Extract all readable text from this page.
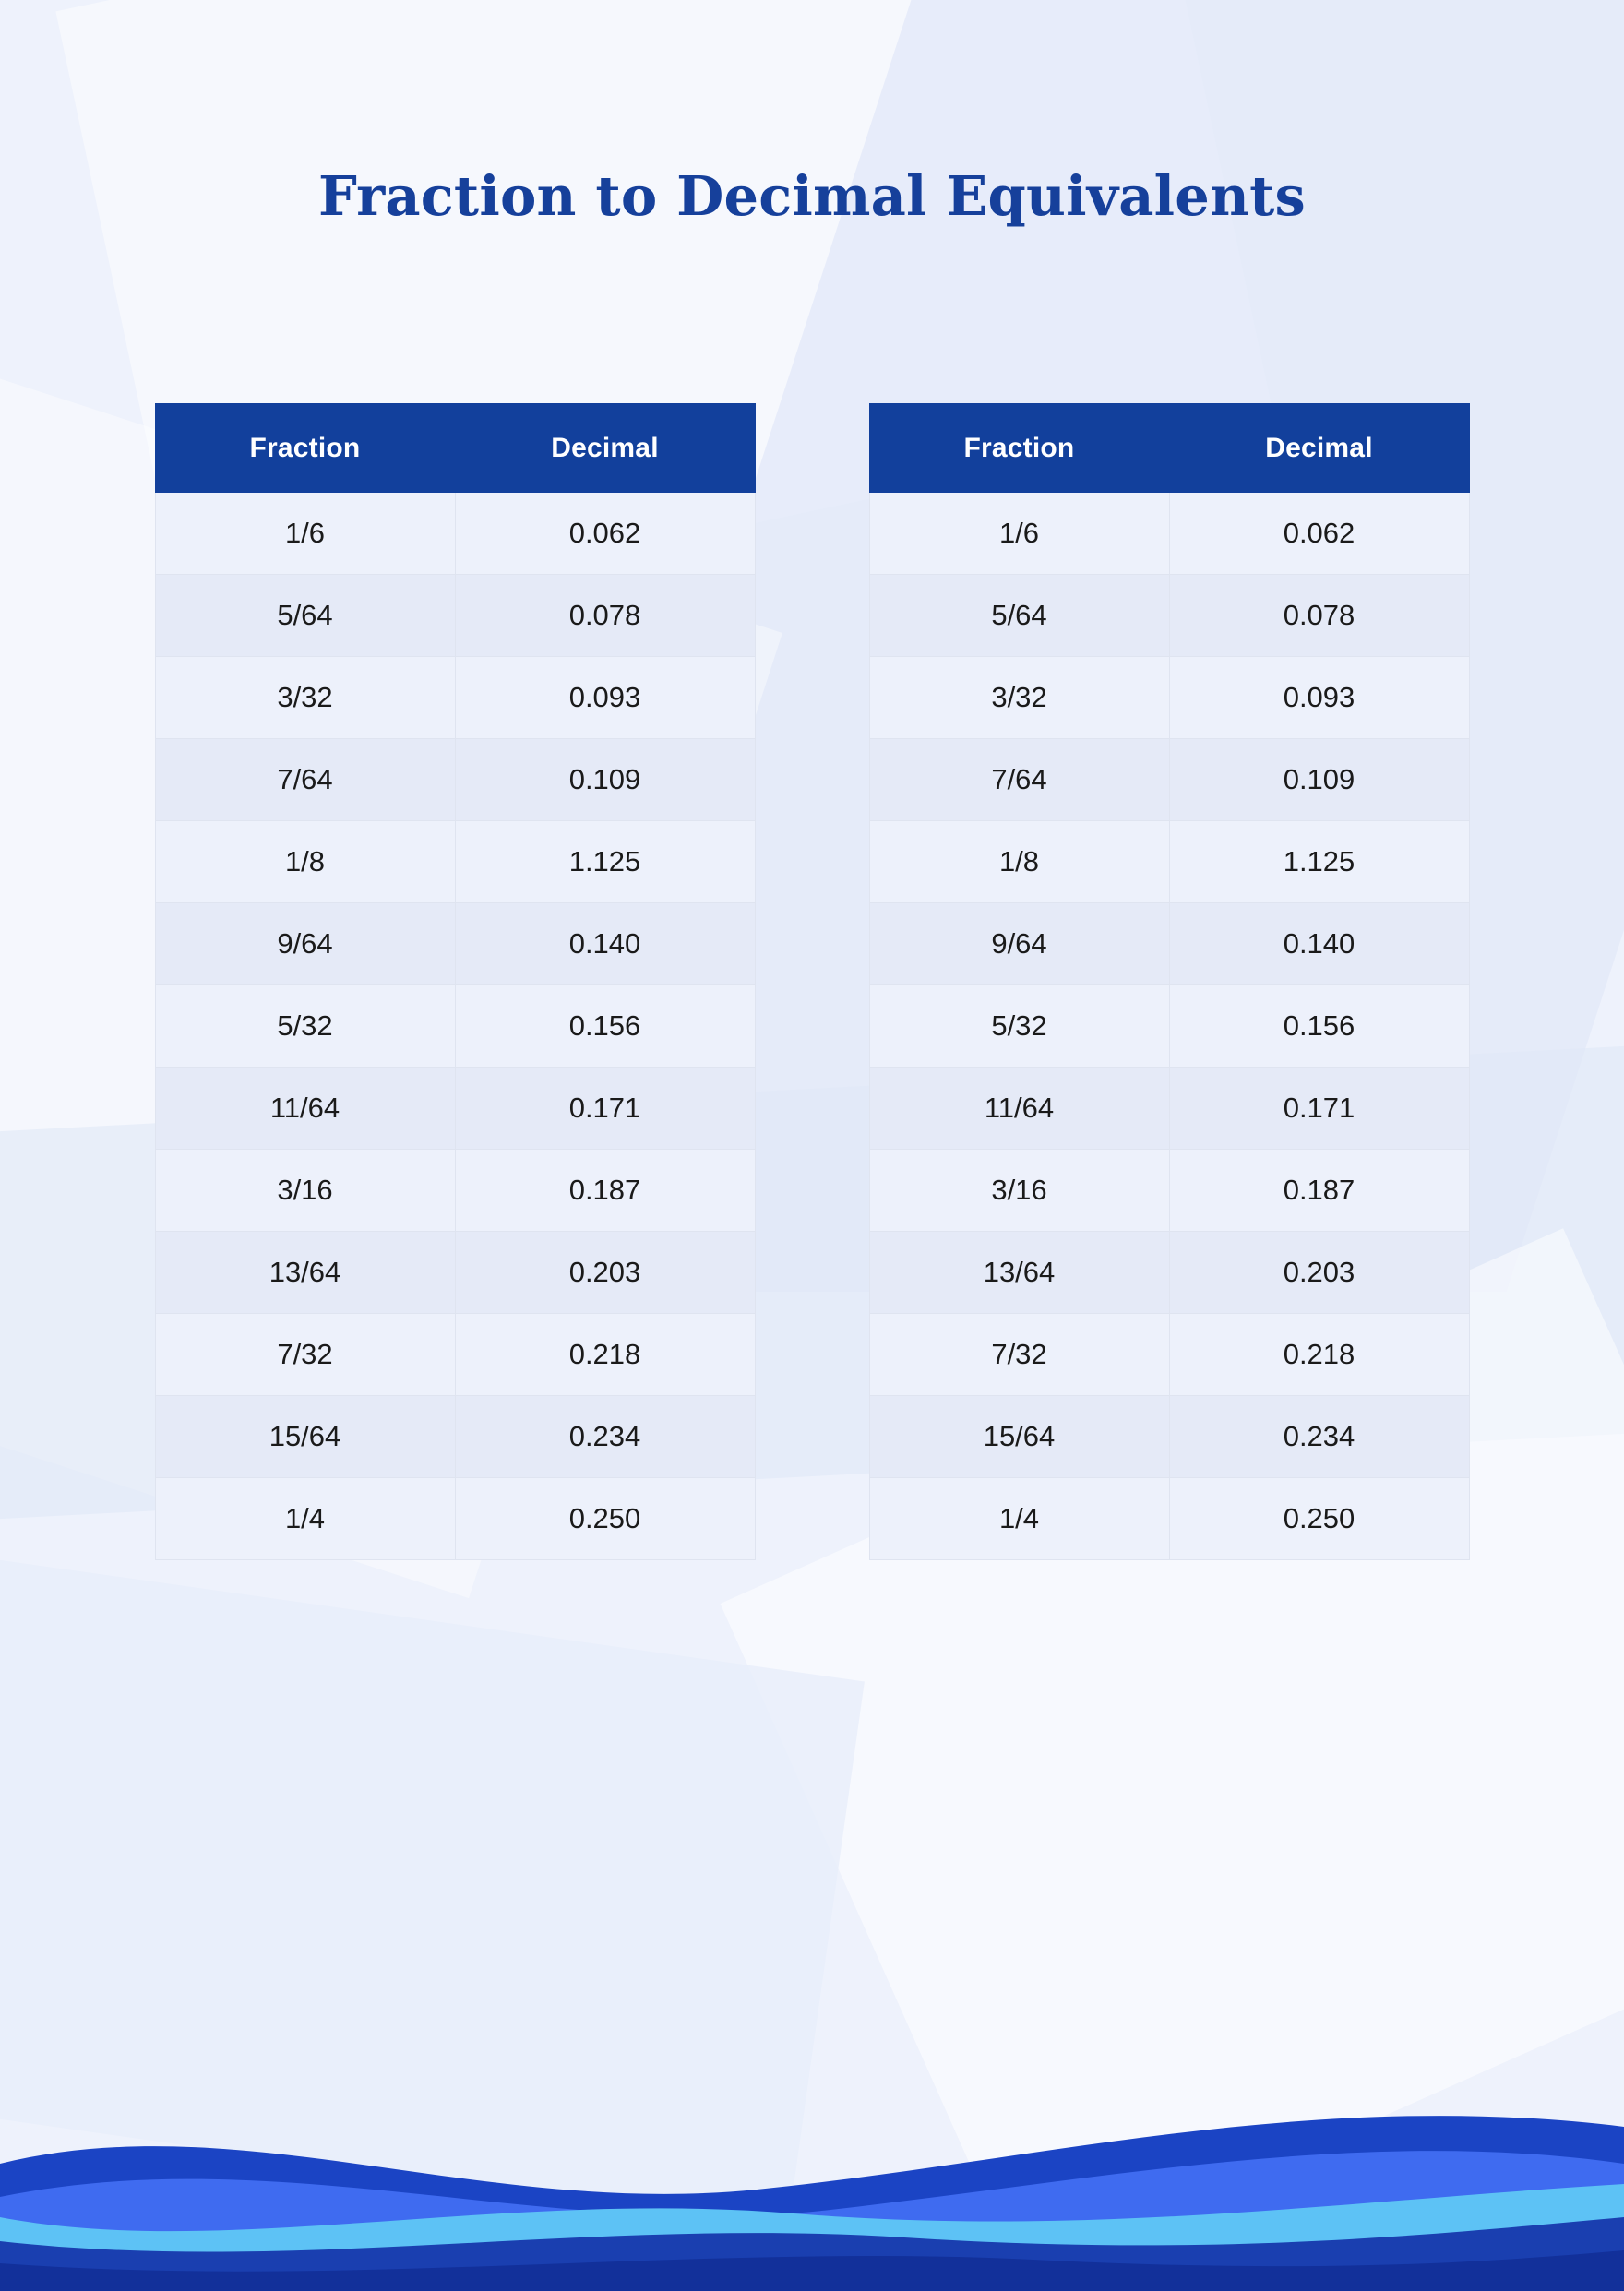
Fraction to Decimal Equivalents
Fraction	Decimal
1/6	0.062
5/64	0.078
3/32	0.093
7/64	0.109
1/8	1.125
9/64	0.140
5/32	0.156
11/64	0.171
3/16	0.187
13/64	0.203
7/32	0.218
15/64	0.234
1/4	0.250
Fraction	Decimal
1/6	0.062
5/64	0.078
3/32	0.093
7/64	0.109
1/8	1.125
9/64	0.140
5/32	0.156
11/64	0.171
3/16	0.187
13/64	0.203
7/32	0.218
15/64	0.234
1/4	0.250
